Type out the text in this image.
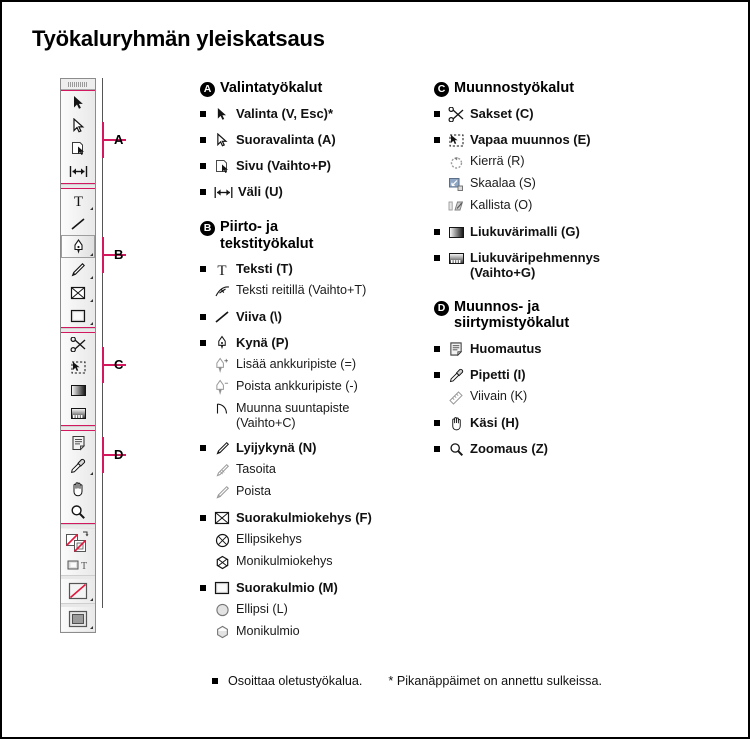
Työkaluryhmän yleiskatsaus
T
T
A
B
C
D
A Valintatyökalut
Valinta (V, Esc)*
Suoravalinta (A)
Sivu (Vaihto+P)
Väli (U)
B Piirto- ja tekstityökalut
T Teksti (T)
Teksti reitillä (Vaihto+T)
Viiva (\)
Kynä (P)
+ Lisää ankkuripiste (=)
Poista ankkuripiste (-)
Muunna suuntapiste (Vaihto+C)
Lyijykynä (N)
Tasoita
Poista
Suorakulmiokehys (F)
Ellipsikehys
Monikulmiokehys
Suorakulmio (M)
Ellipsi (L)
Monikulmio
C Muunnostyökalut
Sakset (C)
Vapaa muunnos (E)
Kierrä (R)
Skaalaa (S)
Kallista (O)
Liukuvärimalli (G)
Liukuväripehmennys (Vaihto+G)
D Muunnos- ja siirtymistyökalut
Huomautus
Pipetti (I)
Viivain (K)
Käsi (H)
Zoomaus (Z)
Osoittaa oletustyökalua. * Pikanäppäimet on annettu sulkeissa.
